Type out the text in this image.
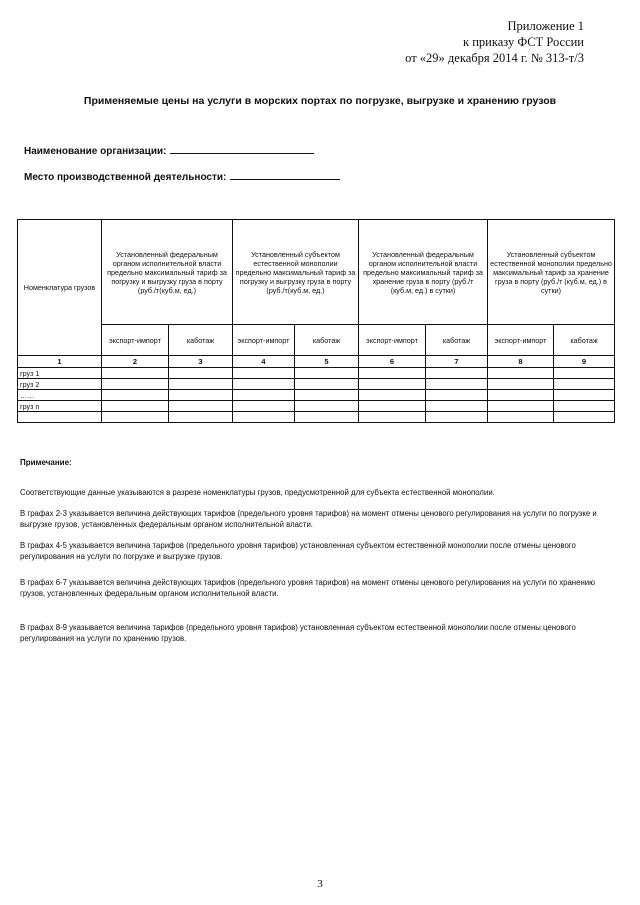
Приложение 1
к приказу ФСТ России
от «29» декабря 2014 г. № 313-т/3
Применяемые цены на услуги в морских портах по погрузке, выгрузке и хранению грузов
Наименование организации:
Место производственной деятельности:
Номенклатура грузов	Установленный федеральным органом исполнительной власти предельно максимальный тариф за погрузку и выгрузку груза в порту (руб./т(куб.м, ед.)		Установленный субъектом естественной монополии предельно максимальный тариф за погрузку и выгрузку груза в порту (руб./т(куб.м, ед.)		Установленный федеральным органом исполнительной власти предельно максимальный тариф за хранение груза в порту (руб./т (куб.м, ед.) в сутки)		Установленный субъектом естественной монополии предельно максимальный тариф за хранение груза в порту (руб./т (куб.м, ед.) в сутки)	
	экспорт-импорт	каботаж	экспорт-импорт	каботаж	экспорт-импорт	каботаж	экспорт-импорт	каботаж
1	2	3	4	5	6	7	8	9
груз 1								
груз 2								
……								
груз n								

Примечание:
Соответствующие данные указываются в разрезе номенклатуры грузов, предусмотренной для субъекта естественной монополии.
В графах 2-3 указывается величина действующих тарифов (предельного уровня тарифов) на момент отмены ценового регулирования на услуги по погрузке и выгрузке грузов, установленных федеральным органом исполнительной власти.
В графах 4-5 указывается величина тарифов (предельного уровня тарифов) установленная субъектом естественной монополии после отмены ценового регулирования на услуги по погрузке и выгрузке грузов.
В графах 6-7 указывается величина действующих тарифов (предельного уровня тарифов) на момент отмены ценового регулирования на услуги по хранению грузов, установленных федеральным органом исполнительной власти.
В графах 8-9 указывается величина тарифов (предельного уровня тарифов) установленная субъектом естественной монополии после отмены ценового регулирования на услуги по хранению грузов.
3
